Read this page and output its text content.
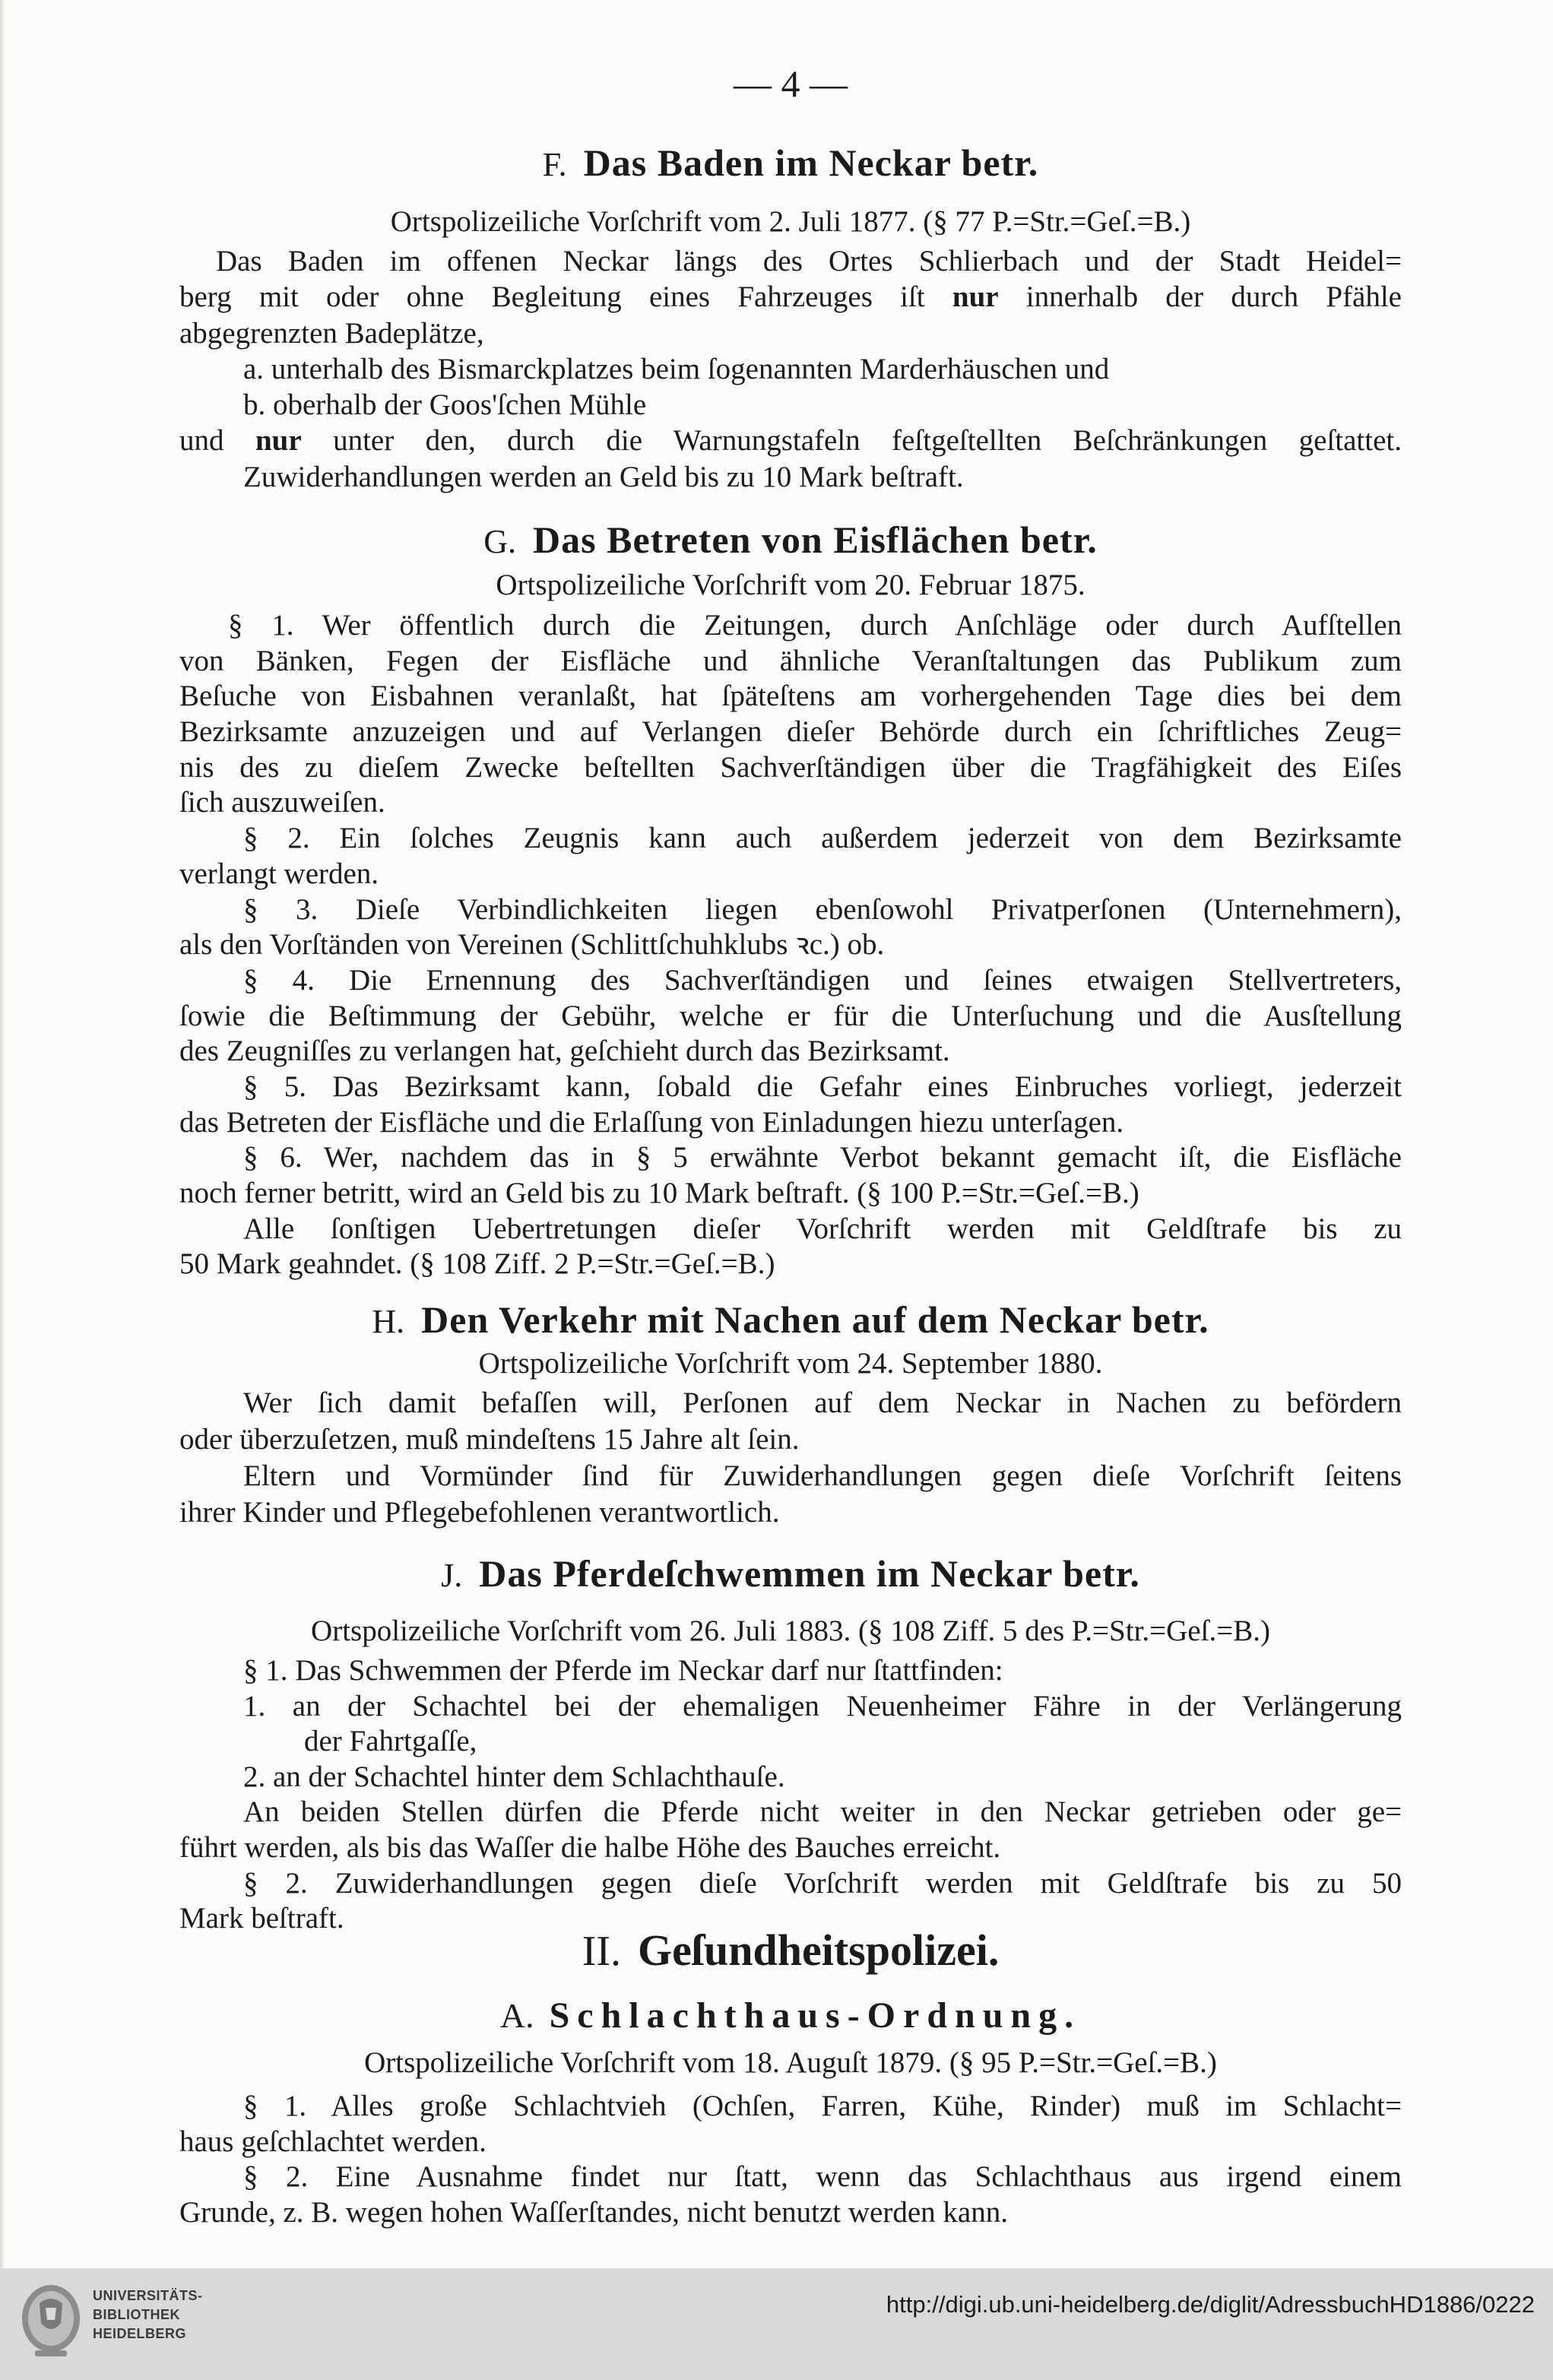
— 4 —
F. Das Baden im Neckar betr.
Ortspolizeiliche Vorſchrift vom 2. Juli 1877. (§ 77 P.=Str.=Geſ.=B.)
Das Baden im offenen Neckar längs des Ortes Schlierbach und der Stadt Heidel=
berg mit oder ohne Begleitung eines Fahrzeuges iſt nur innerhalb der durch Pfähle
abgegrenzten Badeplätze,
a. unterhalb des Bismarckplatzes beim ſogenannten Marderhäuschen und
b. oberhalb der Goos'ſchen Mühle
und nur unter den, durch die Warnungstafeln feſtgeſtellten Beſchränkungen geſtattet.
Zuwiderhandlungen werden an Geld bis zu 10 Mark beſtraft.
G. Das Betreten von Eisflächen betr.
Ortspolizeiliche Vorſchrift vom 20. Februar 1875.
§ 1. Wer öffentlich durch die Zeitungen, durch Anſchläge oder durch Aufſtellen
von Bänken, Fegen der Eisfläche und ähnliche Veranſtaltungen das Publikum zum
Beſuche von Eisbahnen veranlaßt, hat ſpäteſtens am vorhergehenden Tage dies bei dem
Bezirksamte anzuzeigen und auf Verlangen dieſer Behörde durch ein ſchriftliches Zeug=
nis des zu dieſem Zwecke beſtellten Sachverſtändigen über die Tragfähigkeit des Eiſes
ſich auszuweiſen.
§ 2. Ein ſolches Zeugnis kann auch außerdem jederzeit von dem Bezirksamte
verlangt werden.
§ 3. Dieſe Verbindlichkeiten liegen ebenſowohl Privatperſonen (Unternehmern),
als den Vorſtänden von Vereinen (Schlittſchuhklubs ꝛc.) ob.
§ 4. Die Ernennung des Sachverſtändigen und ſeines etwaigen Stellvertreters,
ſowie die Beſtimmung der Gebühr, welche er für die Unterſuchung und die Ausſtellung
des Zeugniſſes zu verlangen hat, geſchieht durch das Bezirksamt.
§ 5. Das Bezirksamt kann, ſobald die Gefahr eines Einbruches vorliegt, jederzeit
das Betreten der Eisfläche und die Erlaſſung von Einladungen hiezu unterſagen.
§ 6. Wer, nachdem das in § 5 erwähnte Verbot bekannt gemacht iſt, die Eisfläche
noch ferner betritt, wird an Geld bis zu 10 Mark beſtraft. (§ 100 P.=Str.=Geſ.=B.)
Alle ſonſtigen Uebertretungen dieſer Vorſchrift werden mit Geldſtrafe bis zu
50 Mark geahndet. (§ 108 Ziff. 2 P.=Str.=Geſ.=B.)
H. Den Verkehr mit Nachen auf dem Neckar betr.
Ortspolizeiliche Vorſchrift vom 24. September 1880.
Wer ſich damit befaſſen will, Perſonen auf dem Neckar in Nachen zu befördern
oder überzuſetzen, muß mindeſtens 15 Jahre alt ſein.
Eltern und Vormünder ſind für Zuwiderhandlungen gegen dieſe Vorſchrift ſeitens
ihrer Kinder und Pflegebefohlenen verantwortlich.
J. Das Pferdeſchwemmen im Neckar betr.
Ortspolizeiliche Vorſchrift vom 26. Juli 1883. (§ 108 Ziff. 5 des P.=Str.=Geſ.=B.)
§ 1. Das Schwemmen der Pferde im Neckar darf nur ſtattfinden:
1. an der Schachtel bei der ehemaligen Neuenheimer Fähre in der Verlängerung
der Fahrtgaſſe,
2. an der Schachtel hinter dem Schlachthauſe.
An beiden Stellen dürfen die Pferde nicht weiter in den Neckar getrieben oder ge=
führt werden, als bis das Waſſer die halbe Höhe des Bauches erreicht.
§ 2. Zuwiderhandlungen gegen dieſe Vorſchrift werden mit Geldſtrafe bis zu 50
Mark beſtraft.
II. Geſundheitspolizei.
A. Schlachthaus-Ordnung.
Ortspolizeiliche Vorſchrift vom 18. Auguſt 1879. (§ 95 P.=Str.=Geſ.=B.)
§ 1. Alles große Schlachtvieh (Ochſen, Farren, Kühe, Rinder) muß im Schlacht=
haus geſchlachtet werden.
§ 2. Eine Ausnahme findet nur ſtatt, wenn das Schlachthaus aus irgend einem
Grunde, z. B. wegen hohen Waſſerſtandes, nicht benutzt werden kann.
UNIVERSITÄTS-
BIBLIOTHEK
HEIDELBERG
http://digi.ub.uni-heidelberg.de/diglit/AdressbuchHD1886/0222
